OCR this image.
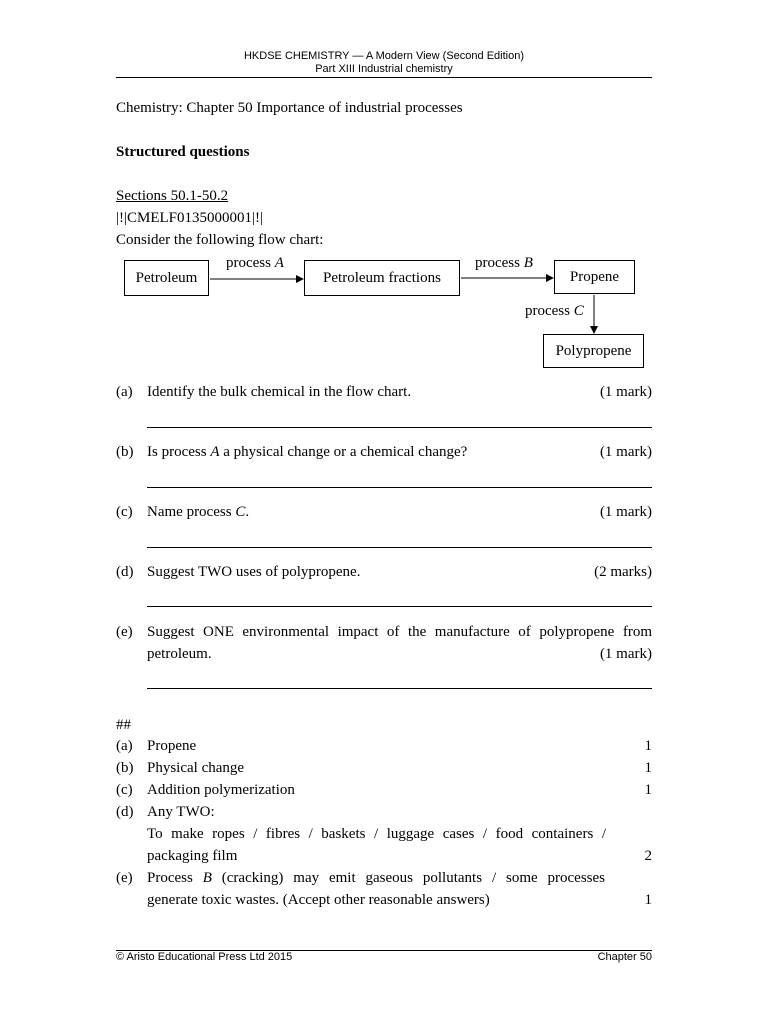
HKDSE CHEMISTRY — A Modern View (Second Edition)
Part XIII Industrial chemistry
Chemistry: Chapter 50 Importance of industrial processes
Structured questions
Sections 50.1-50.2
|!|CMELF0135000001|!|
Consider the following flow chart:
Petroleum	Petroleum fractions	Propene
Polypropene
process A	process B
process C
(a) Identify the bulk chemical in the flow chart.	(1 mark)
(b) Is process A a physical change or a chemical change?	(1 mark)
(c) Name process C.	(1 mark)
(d) Suggest TWO uses of polypropene.	(2 marks)
(e) Suggest ONE environmental impact of the manufacture of polypropene from
petroleum.	(1 mark)
##
(a) Propene	1
(b) Physical change	1
(c) Addition polymerization	1
(d) Any TWO:
To make ropes / fibres / baskets / luggage cases / food containers /
packaging film	2
(e) Process B (cracking) may emit gaseous pollutants / some processes
generate toxic wastes. (Accept other reasonable answers)	1
© Aristo Educational Press Ltd 2015	Chapter 50
